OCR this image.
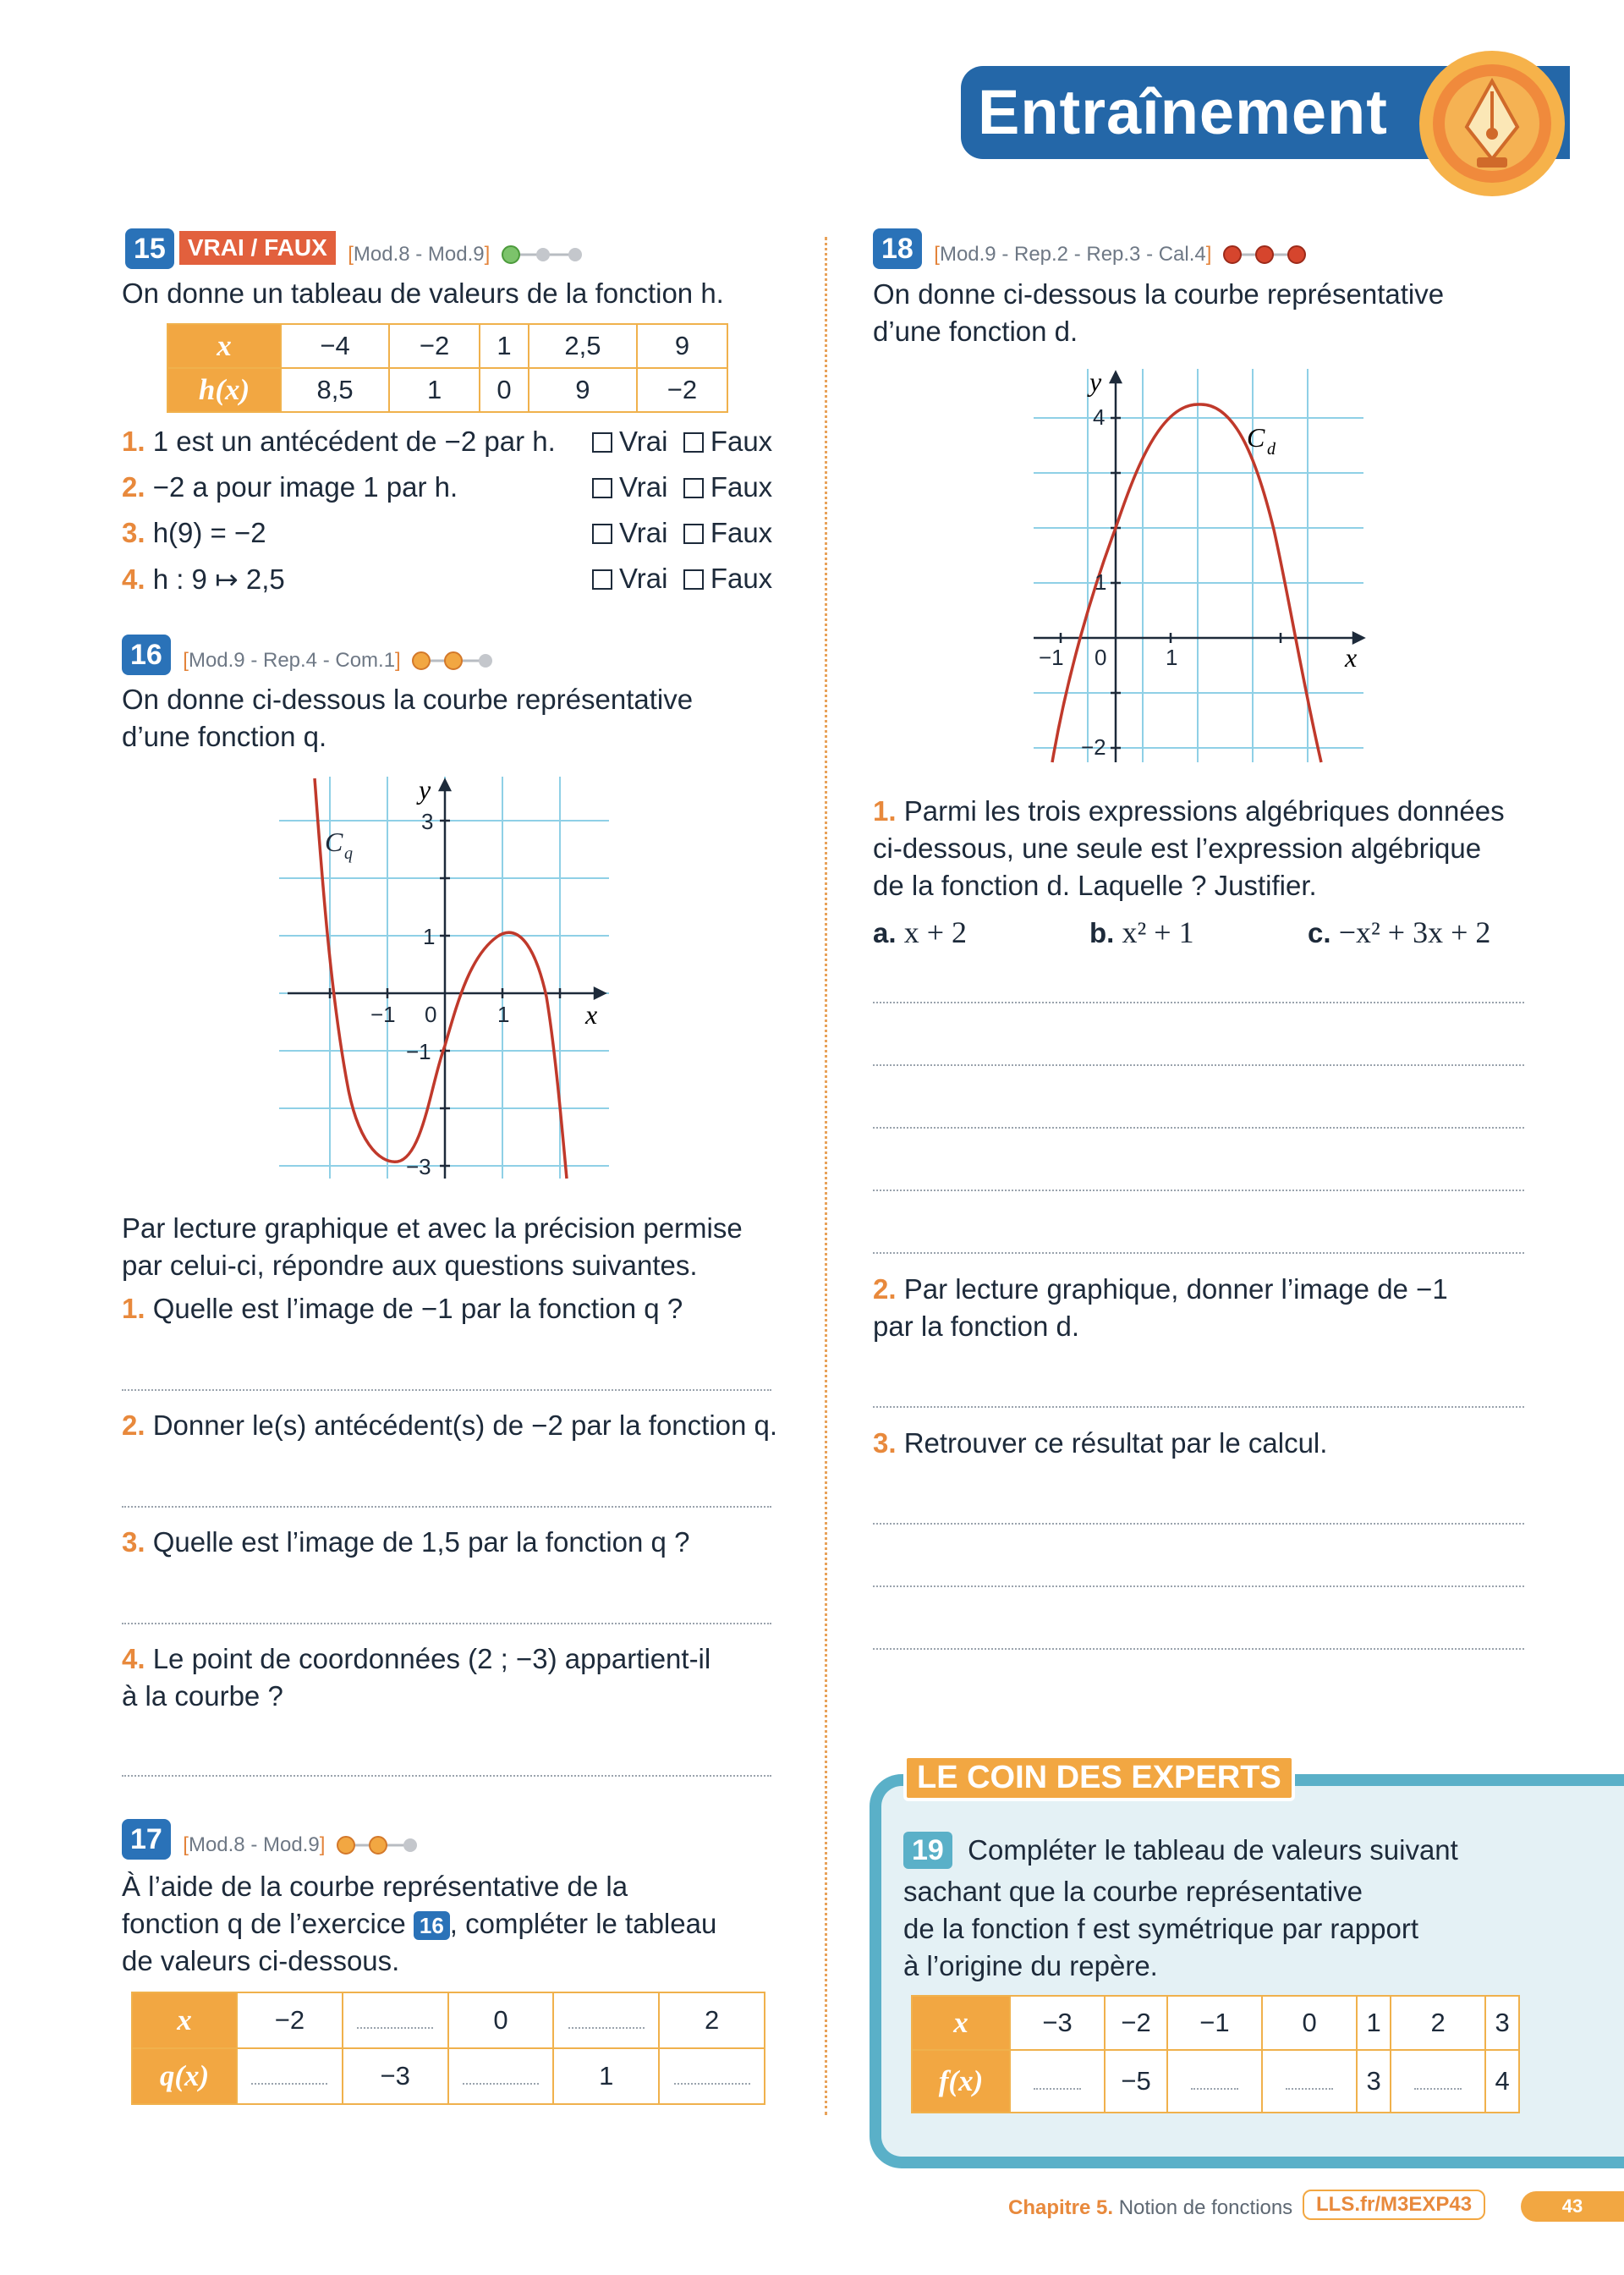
Entraînement
15 VRAI / FAUX [Mod.8 - Mod.9]
On donne un tableau de valeurs de la fonction h.
x	−4	−2	1	2,5	9
h(x)	8,5	1	0	9	−2
1. 1 est un antécédent de −2 par h.
2. −2 a pour image 1 par h.
3. h(9) = −2
4. h : 9 ↦ 2,5
Vrai Faux
Vrai Faux
Vrai Faux
Vrai Faux
16 [Mod.9 - Rep.4 - Com.1]
On donne ci-dessous la courbe représentative
d’une fonction q.
C q
y
x
3
1
−1 0	1
−1
−3
Par lecture graphique et avec la précision permise
par celui-ci, répondre aux questions suivantes.
1. Quelle est l’image de −1 par la fonction q ?
2. Donner le(s) antécédent(s) de −2 par la fonction q.
3. Quelle est l’image de 1,5 par la fonction q ?
4. Le point de coordonnées (2 ; −3) appartient-il
à la courbe ?
17 [Mod.8 - Mod.9]
À l’aide de la courbe représentative de la
fonction q de l’exercice 16 , compléter le tableau
de valeurs ci-dessous.
x	−2		0		2
q(x)		−3		1	
18 [Mod.9 - Rep.2 - Rep.3 - Cal.4]
On donne ci-dessous la courbe représentative
d’une fonction d.
C d
y
x
4
1
−1 0	1
−2
1. Parmi les trois expressions algébriques données
ci-dessous, une seule est l’expression algébrique
de la fonction d. Laquelle ? Justifier.
a. x + 2	b. x² + 1	c. −x² + 3x + 2
2. Par lecture graphique, donner l’image de −1
par la fonction d.
3. Retrouver ce résultat par le calcul.
LE COIN DES EXPERTS
19 Compléter le tableau de valeurs suivant
sachant que la courbe représentative
de la fonction f est symétrique par rapport
à l’origine du repère.
x	−3	−2	−1	0	1	2	3
f(x)		−5			3		4
Chapitre 5. Notion de fonctions	LLS.fr/M3EXP43	43
